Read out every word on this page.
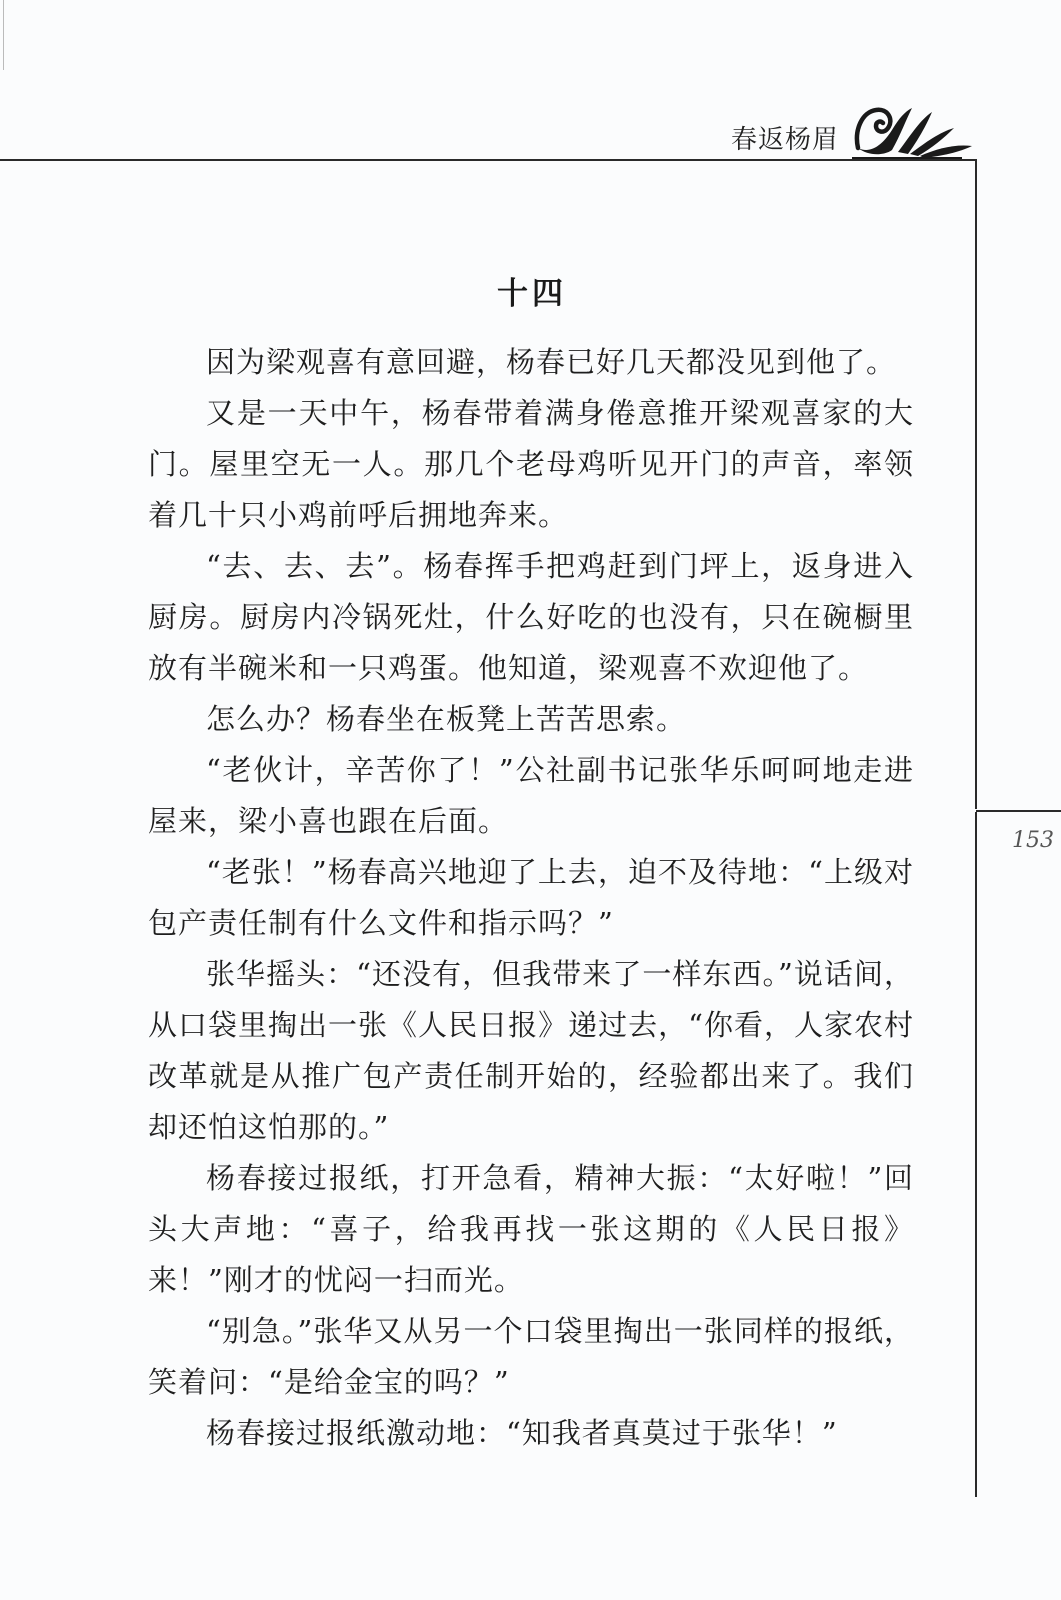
春返杨眉
153
十四

因为梁观喜有意回避，杨春已好几天都没见到他了。

又是一天中午，杨春带着满身倦意推开梁观喜家的大门。屋里空无一人。那几个老母鸡听见开门的声音，率领着几十只小鸡前呼后拥地奔来。

“去、去、去”。杨春挥手把鸡赶到门坪上，返身进入厨房。厨房内冷锅死灶，什么好吃的也没有，只在碗橱里放有半碗米和一只鸡蛋。他知道，梁观喜不欢迎他了。

怎么办？杨春坐在板凳上苦苦思索。

“老伙计，辛苦你了！”公社副书记张华乐呵呵地走进屋来，梁小喜也跟在后面。

“老张！”杨春高兴地迎了上去，迫不及待地：“上级对包产责任制有什么文件和指示吗？”

张华摇头：“还没有，但我带来了一样东西。”说话间，从口袋里掏出一张《人民日报》递过去，“你看，人家农村改革就是从推广包产责任制开始的，经验都出来了。我们却还怕这怕那的。”

杨春接过报纸，打开急看，精神大振：“太好啦！”回头大声地：“喜子，给我再找一张这期的《人民日报》来！”刚才的忧闷一扫而光。

“别急。”张华又从另一个口袋里掏出一张同样的报纸，笑着问：“是给金宝的吗？”

杨春接过报纸激动地：“知我者真莫过于张华！”
